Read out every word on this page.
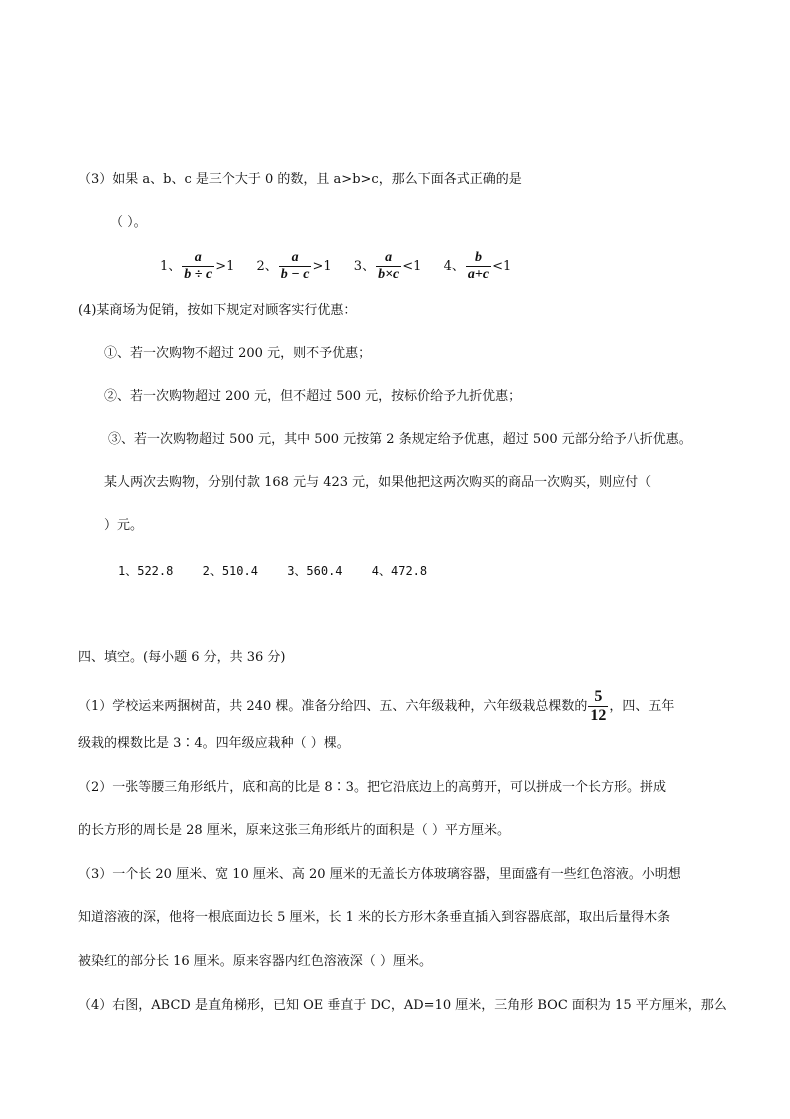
（3）如果 a、b、c 是三个大于 0 的数，且 a>b>c，那么下面各式正确的是
（ ）。
1、 $\frac{a}{b \div c} >1$ 2、 $\frac{a}{b - c} >1$ 3、 $\frac{a}{b\times c} <1$ 4、 $\frac{b}{a+c} <1$
(4)某商场为促销，按如下规定对顾客实行优惠：
①、若一次购物不超过 200 元，则不予优惠；
②、若一次购物超过 200 元，但不超过 500 元，按标价给予九折优惠；
③、若一次购物超过 500 元，其中 500 元按第 2 条规定给予优惠，超过 500 元部分给予八折优惠。
某人两次去购物，分别付款 168 元与 423 元，如果他把这两次购买的商品一次购买，则应付（
）元。
1、522.8 2、510.4 3、560.4 4、472.8
四、填空。(每小题 6 分，共 36 分)
（1）学校运来两捆树苗，共 240 棵。准备分给四、五、六年级栽种，六年级栽总棵数的 $\frac{5}{12}$ ，四、五年
级栽的棵数比是 3∶4。四年级应栽种（ ）棵。
（2）一张等腰三角形纸片，底和高的比是 8∶3。把它沿底边上的高剪开，可以拼成一个长方形。拼成
的长方形的周长是 28 厘米，原来这张三角形纸片的面积是（ ）平方厘米。
（3）一个长 20 厘米、宽 10 厘米、高 20 厘米的无盖长方体玻璃容器，里面盛有一些红色溶液。小明想
知道溶液的深，他将一根底面边长 5 厘米，长 1 米的长方形木条垂直插入到容器底部，取出后量得木条
被染红的部分长 16 厘米。原来容器内红色溶液深（ ）厘米。
（4）右图，ABCD 是直角梯形，已知 OE 垂直于 DC，AD=10 厘米，三角形 BOC 面积为 15 平方厘米，那么
